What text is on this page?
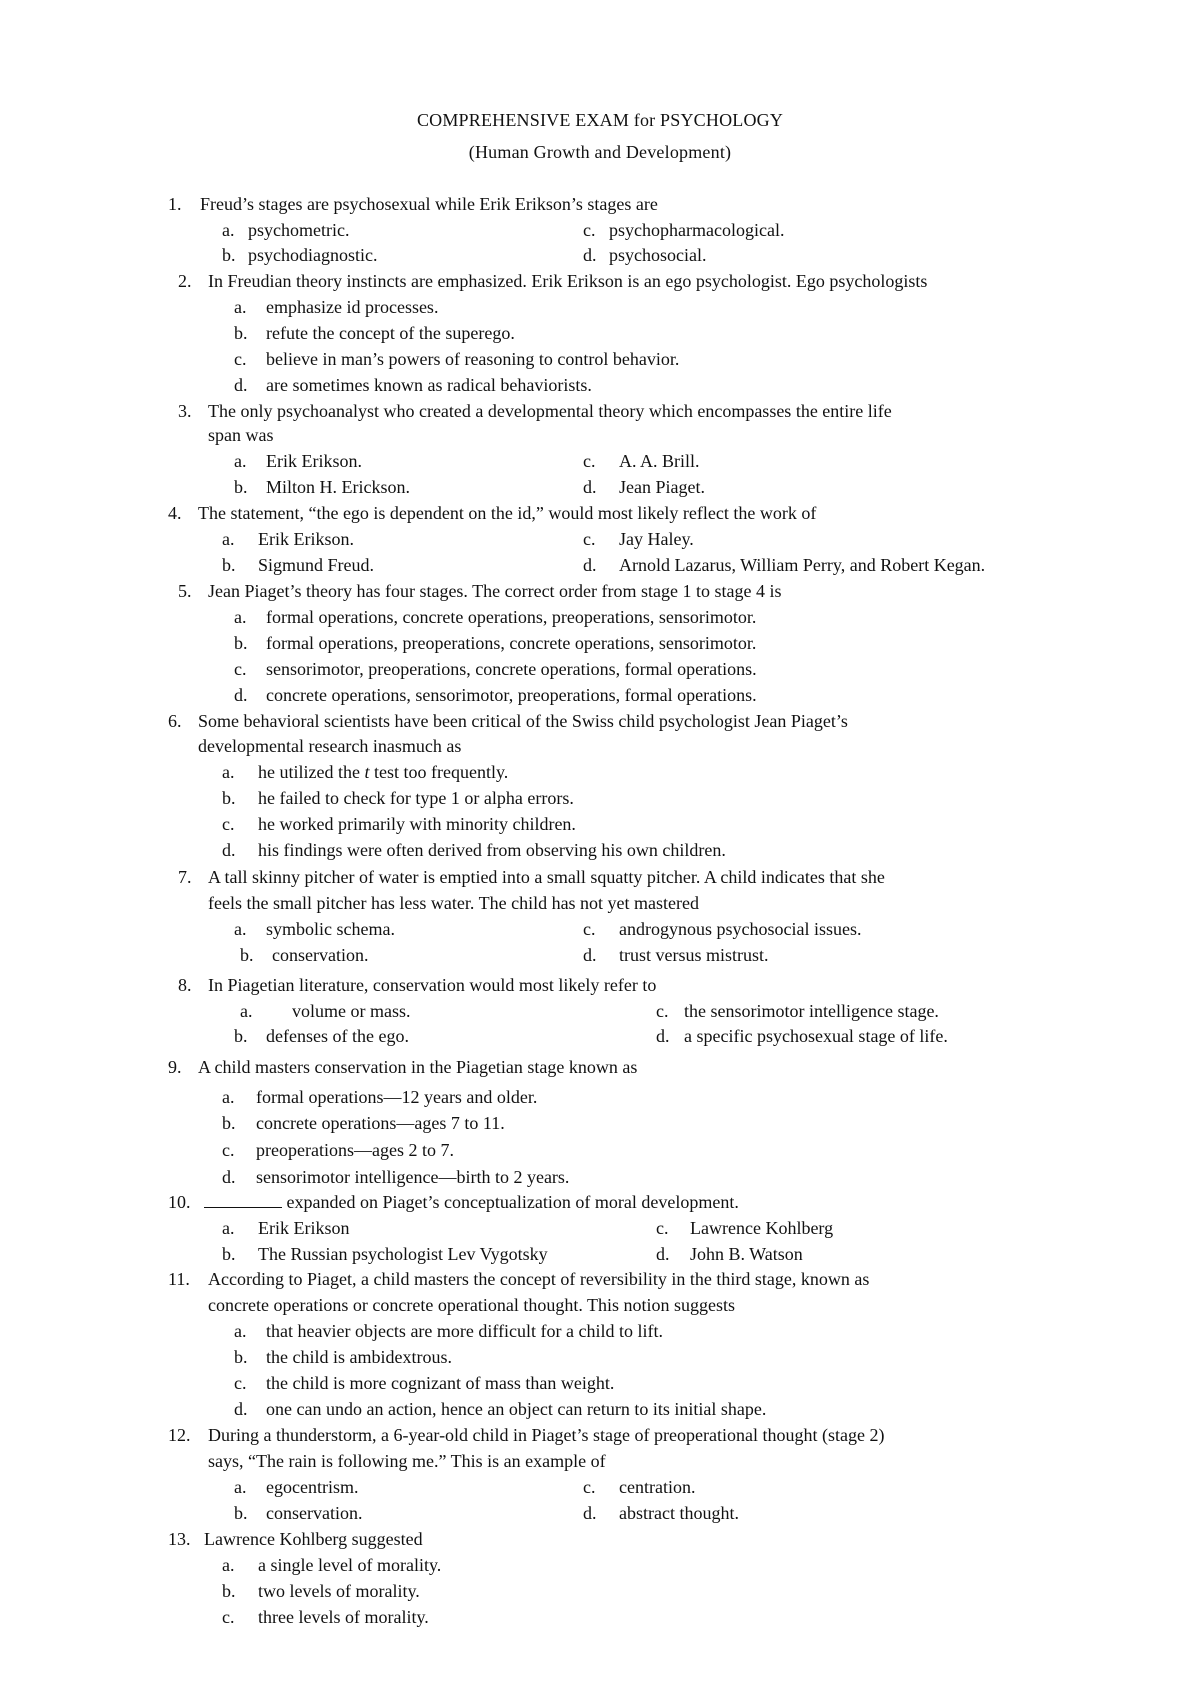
COMPREHENSIVE EXAM for PSYCHOLOGY
(Human Growth and Development)
1. Freud’s stages are psychosexual while Erik Erikson’s stages are
a. psychometric.	c. psychopharmacological.
b. psychodiagnostic.	d. psychosocial.
2. In Freudian theory instincts are emphasized. Erik Erikson is an ego psychologist. Ego psychologists
a. emphasize id processes.
b. refute the concept of the superego.
c. believe in man’s powers of reasoning to control behavior.
d. are sometimes known as radical behaviorists.
3. The only psychoanalyst who created a developmental theory which encompasses the entire life
span was
a. Erik Erikson.	c. A. A. Brill.
b. Milton H. Erickson.	d. Jean Piaget.
4. The statement, “the ego is dependent on the id,” would most likely reflect the work of
a. Erik Erikson.	c. Jay Haley.
b. Sigmund Freud.	d. Arnold Lazarus, William Perry, and Robert Kegan.
5. Jean Piaget’s theory has four stages. The correct order from stage 1 to stage 4 is
a. formal operations, concrete operations, preoperations, sensorimotor.
b. formal operations, preoperations, concrete operations, sensorimotor.
c. sensorimotor, preoperations, concrete operations, formal operations.
d. concrete operations, sensorimotor, preoperations, formal operations.
6. Some behavioral scientists have been critical of the Swiss child psychologist Jean Piaget’s
developmental research inasmuch as
a. he utilized the t test too frequently.
b. he failed to check for type 1 or alpha errors.
c. he worked primarily with minority children.
d. his findings were often derived from observing his own children.
7. A tall skinny pitcher of water is emptied into a small squatty pitcher. A child indicates that she
feels the small pitcher has less water. The child has not yet mastered
a. symbolic schema.	c. androgynous psychosocial issues.
b. conservation.	d. trust versus mistrust.
8. In Piagetian literature, conservation would most likely refer to
a. volume or mass.	c. the sensorimotor intelligence stage.
b. defenses of the ego.	d. a specific psychosexual stage of life.
9. A child masters conservation in the Piagetian stage known as
a. formal operations—12 years and older.
b. concrete operations—ages 7 to 11.
c. preoperations—ages 2 to 7.
d. sensorimotor intelligence—birth to 2 years.
10.	expanded on Piaget’s conceptualization of moral development.
a. Erik Erikson	c. Lawrence Kohlberg
b. The Russian psychologist Lev Vygotsky	d. John B. Watson
11. According to Piaget, a child masters the concept of reversibility in the third stage, known as
concrete operations or concrete operational thought. This notion suggests
a. that heavier objects are more difficult for a child to lift.
b. the child is ambidextrous.
c. the child is more cognizant of mass than weight.
d. one can undo an action, hence an object can return to its initial shape.
12. During a thunderstorm, a 6-year-old child in Piaget’s stage of preoperational thought (stage 2)
says, “The rain is following me.” This is an example of
a. egocentrism.	c. centration.
b. conservation.	d. abstract thought.
13. Lawrence Kohlberg suggested
a. a single level of morality.
b. two levels of morality.
c. three levels of morality.
